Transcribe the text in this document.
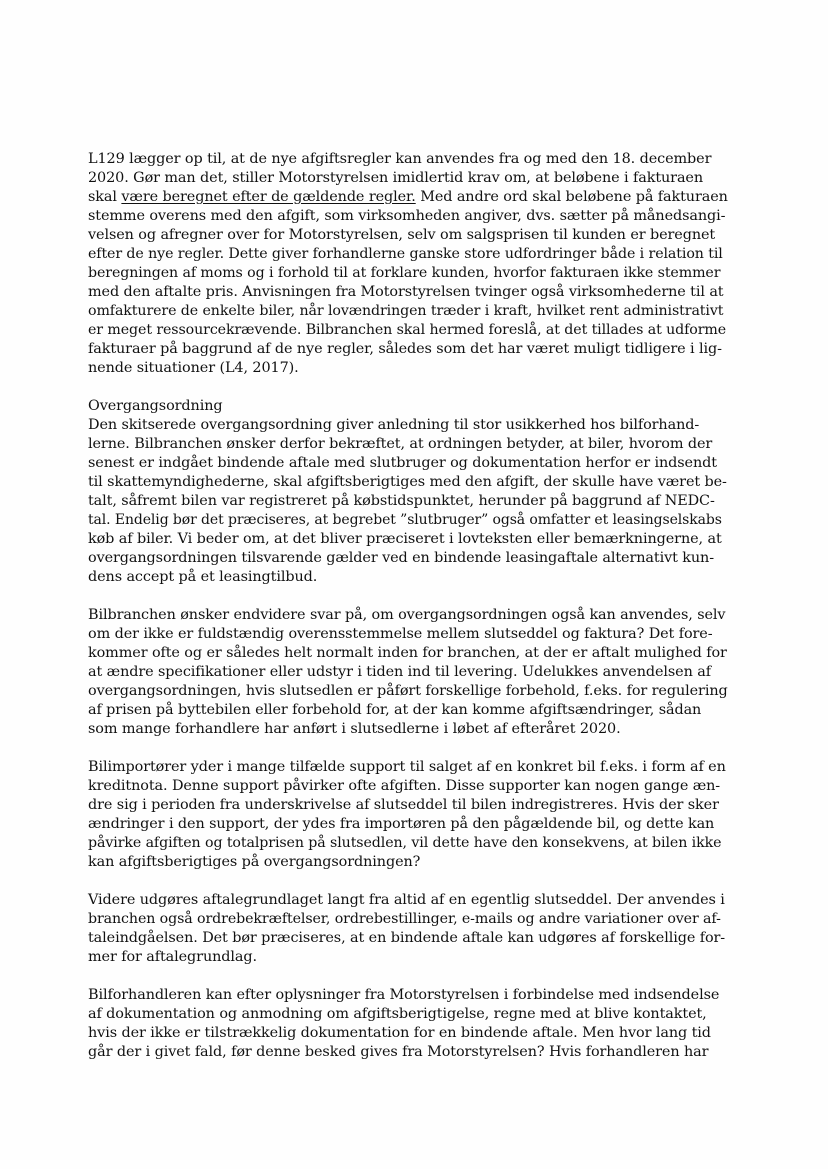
L129 lægger op til, at de nye afgiftsregler kan anvendes fra og med den 18. december
2020. Gør man det, stiller Motorstyrelsen imidlertid krav om, at beløbene i fakturaen
skal være beregnet efter de gældende regler. Med andre ord skal beløbene på fakturaen
stemme overens med den afgift, som virksomheden angiver, dvs. sætter på månedsangi-
velsen og afregner over for Motorstyrelsen, selv om salgsprisen til kunden er beregnet
efter de nye regler. Dette giver forhandlerne ganske store udfordringer både i relation til
beregningen af moms og i forhold til at forklare kunden, hvorfor fakturaen ikke stemmer
med den aftalte pris. Anvisningen fra Motorstyrelsen tvinger også virksomhederne til at
omfakturere de enkelte biler, når lovændringen træder i kraft, hvilket rent administrativt
er meget ressourcekrævende. Bilbranchen skal hermed foreslå, at det tillades at udforme
fakturaer på baggrund af de nye regler, således som det har været muligt tidligere i lig-
nende situationer (L4, 2017).

Overgangsordning

Den skitserede overgangsordning giver anledning til stor usikkerhed hos bilforhand-
lerne. Bilbranchen ønsker derfor bekræftet, at ordningen betyder, at biler, hvorom der
senest er indgået bindende aftale med slutbruger og dokumentation herfor er indsendt
til skattemyndighederne, skal afgiftsberigtiges med den afgift, der skulle have været be-
talt, såfremt bilen var registreret på købstidspunktet, herunder på baggrund af NEDC-
tal. Endelig bør det præciseres, at begrebet ”slutbruger” også omfatter et leasingselskabs
køb af biler. Vi beder om, at det bliver præciseret i lovteksten eller bemærkningerne, at
overgangsordningen tilsvarende gælder ved en bindende leasingaftale alternativt kun-
dens accept på et leasingtilbud.

Bilbranchen ønsker endvidere svar på, om overgangsordningen også kan anvendes, selv
om der ikke er fuldstændig overensstemmelse mellem slutseddel og faktura? Det fore-
kommer ofte og er således helt normalt inden for branchen, at der er aftalt mulighed for
at ændre specifikationer eller udstyr i tiden ind til levering. Udelukkes anvendelsen af
overgangsordningen, hvis slutsedlen er påført forskellige forbehold, f.eks. for regulering
af prisen på byttebilen eller forbehold for, at der kan komme afgiftsændringer, sådan
som mange forhandlere har anført i slutsedlerne i løbet af efteråret 2020.

Bilimportører yder i mange tilfælde support til salget af en konkret bil f.eks. i form af en
kreditnota. Denne support påvirker ofte afgiften. Disse supporter kan nogen gange æn-
dre sig i perioden fra underskrivelse af slutseddel til bilen indregistreres. Hvis der sker
ændringer i den support, der ydes fra importøren på den pågældende bil, og dette kan
påvirke afgiften og totalprisen på slutsedlen, vil dette have den konsekvens, at bilen ikke
kan afgiftsberigtiges på overgangsordningen?

Videre udgøres aftalegrundlaget langt fra altid af en egentlig slutseddel. Der anvendes i
branchen også ordrebekræftelser, ordrebestillinger, e-mails og andre variationer over af-
taleindgåelsen. Det bør præciseres, at en bindende aftale kan udgøres af forskellige for-
mer for aftalegrundlag.

Bilforhandleren kan efter oplysninger fra Motorstyrelsen i forbindelse med indsendelse
af dokumentation og anmodning om afgiftsberigtigelse, regne med at blive kontaktet,
hvis der ikke er tilstrækkelig dokumentation for en bindende aftale. Men hvor lang tid
går der i givet fald, før denne besked gives fra Motorstyrelsen? Hvis forhandleren har
